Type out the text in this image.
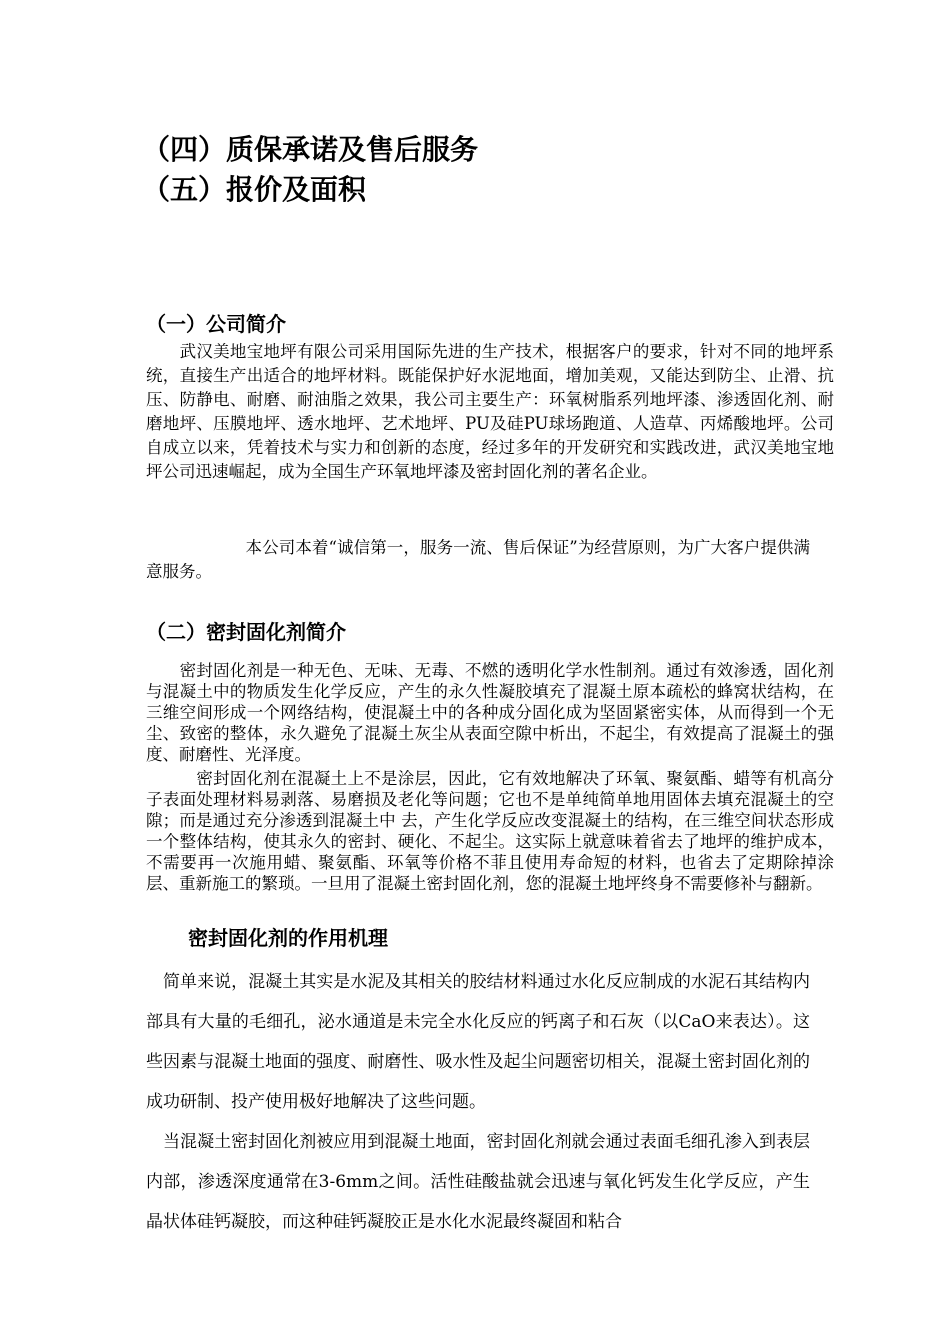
（四）质保承诺及售后服务
（五）报价及面积
（一）公司简介

　　武汉美地宝地坪有限公司采用国际先进的生产技术，根据客户的要求，针对不同的地坪系统，直接生产出适合的地坪材料。既能保护好水泥地面，增加美观，又能达到防尘、止滑、抗压、防静电、耐磨、耐油脂之效果，我公司主要生产：环氧树脂系列地坪漆、渗透固化剂、耐磨地坪、压膜地坪、透水地坪、艺术地坪、PU及硅PU球场跑道、人造草、丙烯酸地坪。公司自成立以来，凭着技术与实力和创新的态度，经过多年的开发研究和实践改进，武汉美地宝地坪公司迅速崛起，成为全国生产环氧地坪漆及密封固化剂的著名企业。

　　　　　　本公司本着“诚信第一，服务一流、售后保证”为经营原则，为广大客户提供满意服务。

（二）密封固化剂简介

　　密封固化剂是一种无色、无味、无毒、不燃的透明化学水性制剂。通过有效渗透，固化剂与混凝土中的物质发生化学反应，产生的永久性凝胶填充了混凝土原本疏松的蜂窝状结构，在三维空间形成一个网络结构，使混凝土中的各种成分固化成为坚固紧密实体，从而得到一个无尘、致密的整体，永久避免了混凝土灰尘从表面空隙中析出，不起尘，有效提高了混凝土的强度、耐磨性、光泽度。

　　　密封固化剂在混凝土上不是涂层，因此，它有效地解决了环氧、聚氨酯、蜡等有机高分子表面处理材料易剥落、易磨损及老化等问题；它也不是单纯简单地用固体去填充混凝土的空隙；而是通过充分渗透到混凝土中 去，产生化学反应改变混凝土的结构，在三维空间状态形成一个整体结构，使其永久的密封、硬化、不起尘。这实际上就意味着省去了地坪的维护成本，不需要再一次施用蜡、聚氨酯、环氧等价格不菲且使用寿命短的材料，也省去了定期除掉涂层、重新施工的繁琐。一旦用了混凝土密封固化剂，您的混凝土地坪终身不需要修补与翻新。

密封固化剂的作用机理

　简单来说，混凝土其实是水泥及其相关的胶结材料通过水化反应制成的水泥石其结构内部具有大量的毛细孔，泌水通道是未完全水化反应的钙离子和石灰（以CaO来表达）。这些因素与混凝土地面的强度、耐磨性、吸水性及起尘问题密切相关，混凝土密封固化剂的成功研制、投产使用极好地解决了这些问题。

　当混凝土密封固化剂被应用到混凝土地面，密封固化剂就会通过表面毛细孔渗入到表层内部，渗透深度通常在3-6mm之间。活性硅酸盐就会迅速与氧化钙发生化学反应，产生晶状体硅钙凝胶，而这种硅钙凝胶正是水化水泥最终凝固和粘合
